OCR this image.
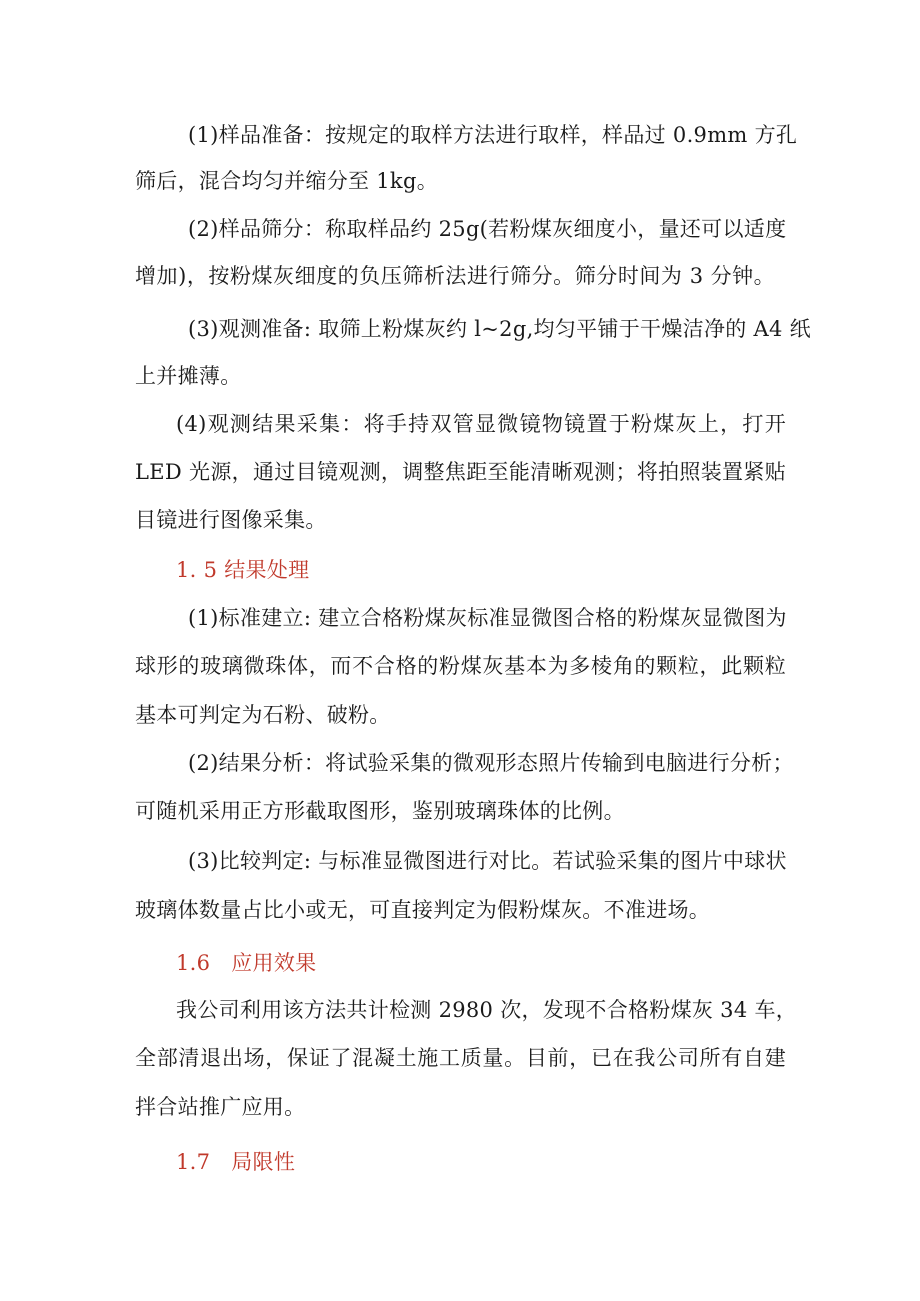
(1)样品准备：按规定的取样方法进行取样，样品过 0.9mm 方孔
筛后，混合均匀并缩分至 1kg。
(2)样品筛分：称取样品约 25g(若粉煤灰细度小，量还可以适度
增加)，按粉煤灰细度的负压筛析法进行筛分。筛分时间为 3 分钟。
(3)观测准备: 取筛上粉煤灰约 l~2g,均匀平铺于干燥洁净的 A4 纸
上并摊薄。
(4)观测结果采集：将手持双管显微镜物镜置于粉煤灰上，打开
LED 光源，通过目镜观测，调整焦距至能清晰观测；将拍照装置紧贴
目镜进行图像采集。
1. 5 结果处理
(1)标准建立: 建立合格粉煤灰标准显微图合格的粉煤灰显微图为
球形的玻璃微珠体，而不合格的粉煤灰基本为多棱角的颗粒，此颗粒
基本可判定为石粉、破粉。
(2)结果分析：将试验采集的微观形态照片传输到电脑进行分析；
可随机采用正方形截取图形，鉴别玻璃珠体的比例。
(3)比较判定: 与标准显微图进行对比。若试验采集的图片中球状
玻璃体数量占比小或无，可直接判定为假粉煤灰。不准进场。
1.6   应用效果
我公司利用该方法共计检测 2980 次，发现不合格粉煤灰 34 车，
全部清退出场，保证了混凝土施工质量。目前，已在我公司所有自建
拌合站推广应用。
1.7   局限性
